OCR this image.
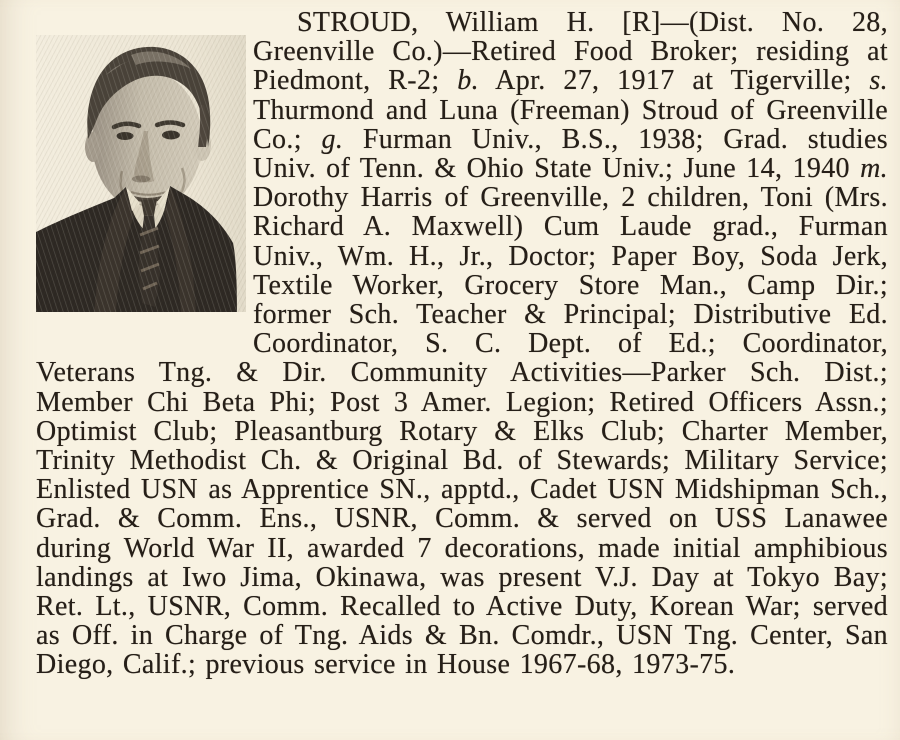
STROUD, William H. [R]—(Dist. No. 28, Greenville Co.)—Retired Food Broker; residing at Piedmont, R-2; b. Apr. 27, 1917 at Tigerville; s. Thurmond and Luna (Freeman) Stroud of Greenville Co.; g. Furman Univ., B.S., 1938; Grad. studies Univ. of Tenn. & Ohio State Univ.; June 14, 1940 m. Dorothy Harris of Greenville, 2 children, Toni (Mrs. Richard A. Maxwell) Cum Laude grad., Furman Univ., Wm. H., Jr., Doctor; Paper Boy, Soda Jerk, Textile Worker, Grocery Store Man., Camp Dir.; former Sch. Teacher & Principal; Distributive Ed. Coordinator, S. C. Dept. of Ed.; Coordinator, Veterans Tng. & Dir. Community Activities—Parker Sch. Dist.; Member Chi Beta Phi; Post 3 Amer. Legion; Retired Officers Assn.; Optimist Club; Pleasantburg Rotary & Elks Club; Charter Member, Trinity Methodist Ch. & Original Bd. of Stewards; Military Service; Enlisted USN as Apprentice SN., apptd., Cadet USN Midshipman Sch., Grad. & Comm. Ens., USNR, Comm. & served on USS Lanawee during World War II, awarded 7 decorations, made initial amphibious landings at Iwo Jima, Okinawa, was present V.J. Day at Tokyo Bay; Ret. Lt., USNR, Comm. Recalled to Active Duty, Korean War; served as Off. in Charge of Tng. Aids & Bn. Comdr., USN Tng. Center, San Diego, Calif.; previous service in House 1967-68, 1973-75.
